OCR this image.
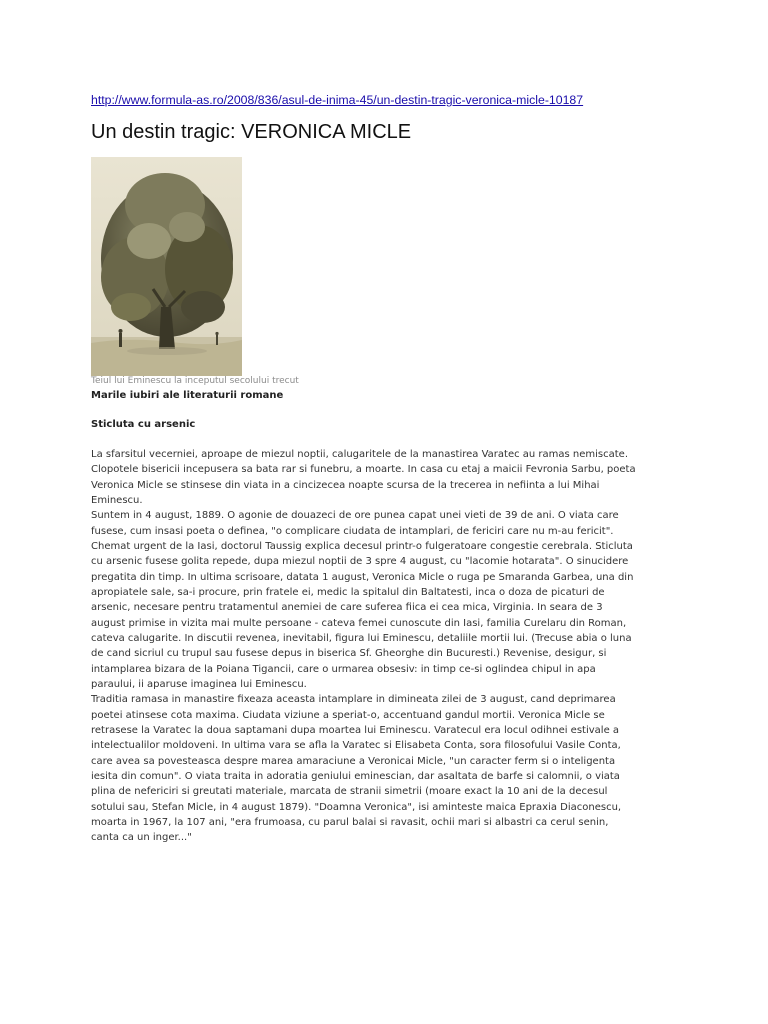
http://www.formula-as.ro/2008/836/asul-de-inima-45/un-destin-tragic-veronica-micle-10187
Un destin tragic: VERONICA MICLE
Teiul lui Eminescu la inceputul secolului trecut
Marile iubiri ale literaturii romane
Sticluta cu arsenic
La sfarsitul vecerniei, aproape de miezul noptii, calugaritele de la manastirea Varatec au ramas nemiscate.
Clopotele bisericii incepusera sa bata rar si funebru, a moarte. In casa cu etaj a maicii Fevronia Sarbu, poeta
Veronica Micle se stinsese din viata in a cincizecea noapte scursa de la trecerea in nefiinta a lui Mihai
Eminescu.
Suntem in 4 august, 1889. O agonie de douazeci de ore punea capat unei vieti de 39 de ani. O viata care
fusese, cum insasi poeta o definea, "o complicare ciudata de intamplari, de fericiri care nu m-au fericit".
Chemat urgent de la Iasi, doctorul Taussig explica decesul printr-o fulgeratoare congestie cerebrala. Sticluta
cu arsenic fusese golita repede, dupa miezul noptii de 3 spre 4 august, cu "lacomie hotarata". O sinucidere
pregatita din timp. In ultima scrisoare, datata 1 august, Veronica Micle o ruga pe Smaranda Garbea, una din
apropiatele sale, sa-i procure, prin fratele ei, medic la spitalul din Baltatesti, inca o doza de picaturi de
arsenic, necesare pentru tratamentul anemiei de care suferea fiica ei cea mica, Virginia. In seara de 3
august primise in vizita mai multe persoane - cateva femei cunoscute din Iasi, familia Curelaru din Roman,
cateva calugarite. In discutii revenea, inevitabil, figura lui Eminescu, detaliile mortii lui. (Trecuse abia o luna
de cand sicriul cu trupul sau fusese depus in biserica Sf. Gheorghe din Bucuresti.) Revenise, desigur, si
intamplarea bizara de la Poiana Tigancii, care o urmarea obsesiv: in timp ce-si oglindea chipul in apa
paraului, ii aparuse imaginea lui Eminescu.
Traditia ramasa in manastire fixeaza aceasta intamplare in dimineata zilei de 3 august, cand deprimarea
poetei atinsese cota maxima. Ciudata viziune a speriat-o, accentuand gandul mortii. Veronica Micle se
retrasese la Varatec la doua saptamani dupa moartea lui Eminescu. Varatecul era locul odihnei estivale a
intelectualilor moldoveni. In ultima vara se afla la Varatec si Elisabeta Conta, sora filosofului Vasile Conta,
care avea sa povesteasca despre marea amaraciune a Veronicai Micle, "un caracter ferm si o inteligenta
iesita din comun". O viata traita in adoratia geniului eminescian, dar asaltata de barfe si calomnii, o viata
plina de nefericiri si greutati materiale, marcata de stranii simetrii (moare exact la 10 ani de la decesul
sotului sau, Stefan Micle, in 4 august 1879). "Doamna Veronica", isi aminteste maica Epraxia Diaconescu,
moarta in 1967, la 107 ani, "era frumoasa, cu parul balai si ravasit, ochii mari si albastri ca cerul senin,
canta ca un inger..."
